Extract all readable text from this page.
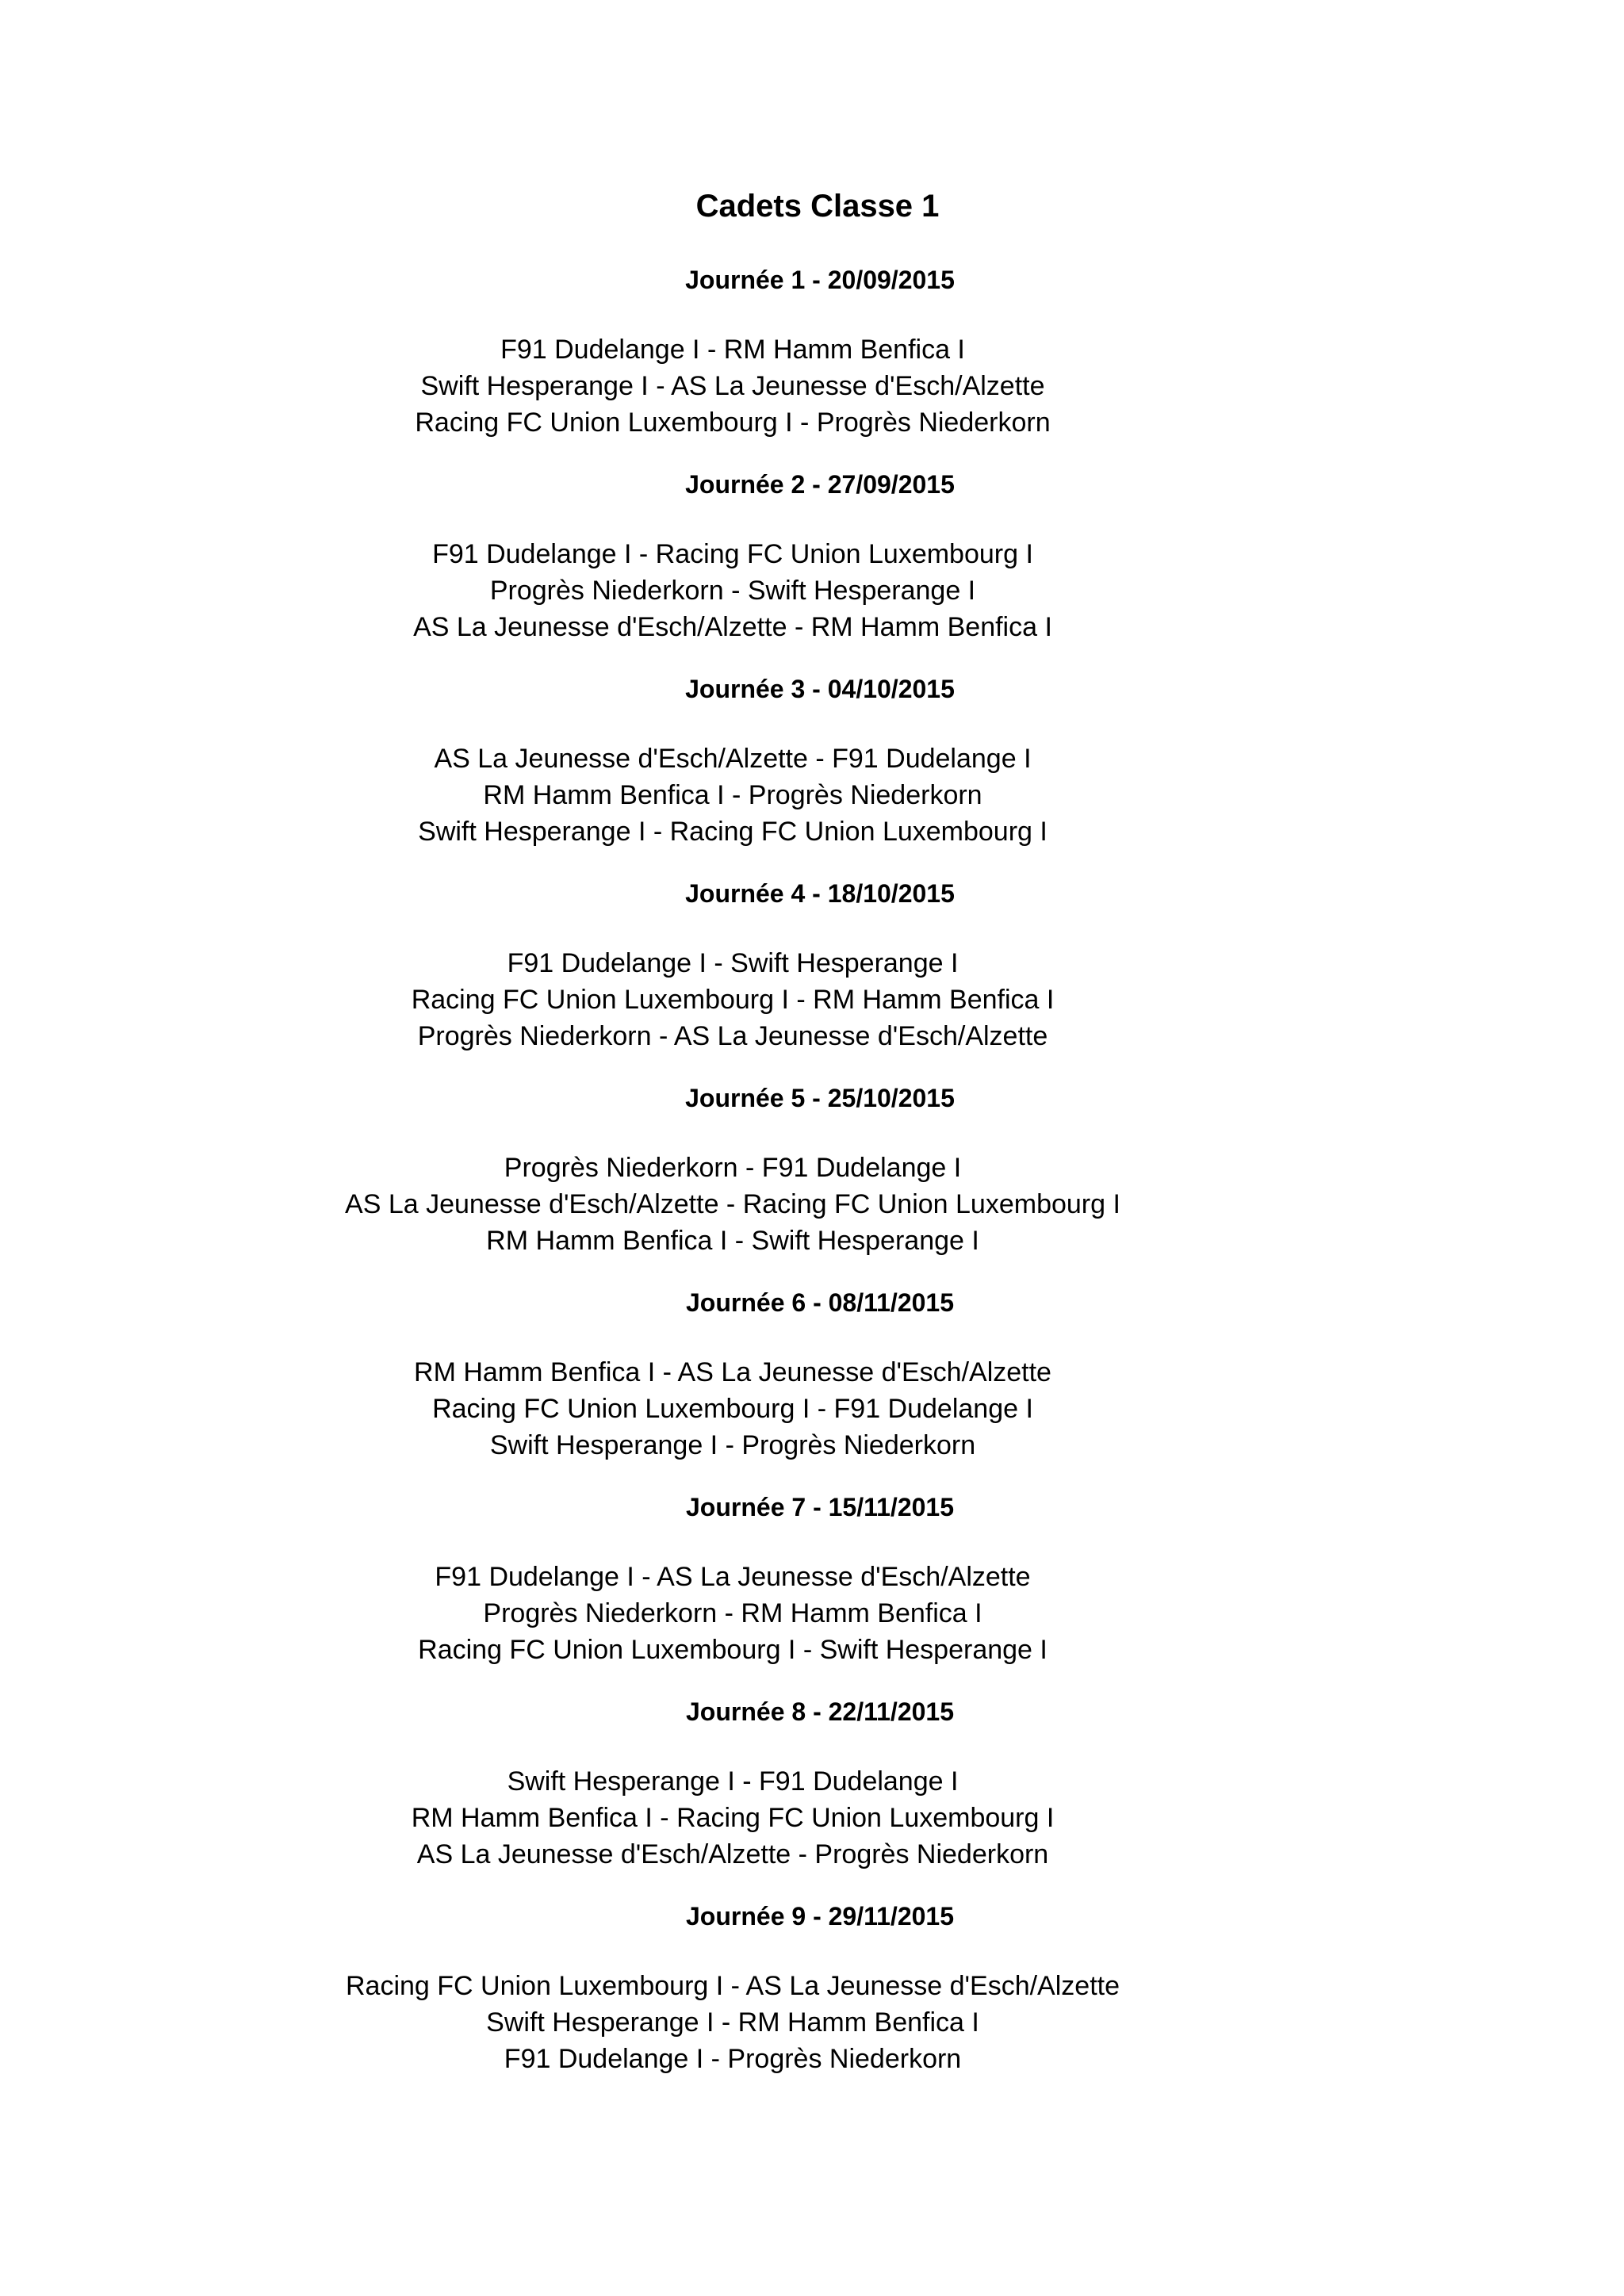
Cadets Classe 1
Journée 1 - 20/09/2015
F91 Dudelange I - RM Hamm Benfica I
Swift Hesperange I - AS La Jeunesse d'Esch/Alzette
Racing FC Union Luxembourg I - Progrès Niederkorn
Journée 2 - 27/09/2015
F91 Dudelange I - Racing FC Union Luxembourg I
Progrès Niederkorn - Swift Hesperange I
AS La Jeunesse d'Esch/Alzette - RM Hamm Benfica I
Journée 3 - 04/10/2015
AS La Jeunesse d'Esch/Alzette - F91 Dudelange I
RM Hamm Benfica I - Progrès Niederkorn
Swift Hesperange I - Racing FC Union Luxembourg I
Journée 4 - 18/10/2015
F91 Dudelange I - Swift Hesperange I
Racing FC Union Luxembourg I - RM Hamm Benfica I
Progrès Niederkorn - AS La Jeunesse d'Esch/Alzette
Journée 5 - 25/10/2015
Progrès Niederkorn - F91 Dudelange I
AS La Jeunesse d'Esch/Alzette - Racing FC Union Luxembourg I
RM Hamm Benfica I - Swift Hesperange I
Journée 6 - 08/11/2015
RM Hamm Benfica I - AS La Jeunesse d'Esch/Alzette
Racing FC Union Luxembourg I - F91 Dudelange I
Swift Hesperange I - Progrès Niederkorn
Journée 7 - 15/11/2015
F91 Dudelange I - AS La Jeunesse d'Esch/Alzette
Progrès Niederkorn - RM Hamm Benfica I
Racing FC Union Luxembourg I - Swift Hesperange I
Journée 8 - 22/11/2015
Swift Hesperange I - F91 Dudelange I
RM Hamm Benfica I - Racing FC Union Luxembourg I
AS La Jeunesse d'Esch/Alzette - Progrès Niederkorn
Journée 9 - 29/11/2015
Racing FC Union Luxembourg I - AS La Jeunesse d'Esch/Alzette
Swift Hesperange I - RM Hamm Benfica I
F91 Dudelange I - Progrès Niederkorn
